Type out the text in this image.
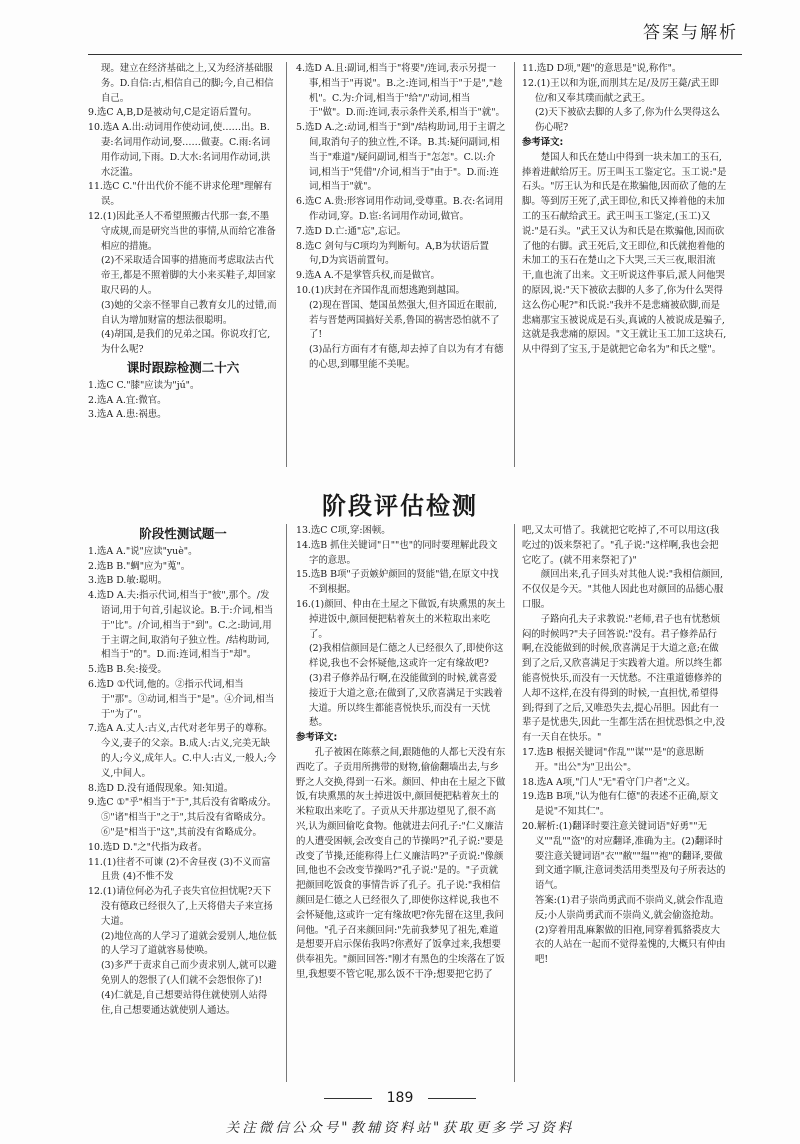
答案与解析

现。建立在经济基础之上,又为经济基础服务。D.自信:古,相信自己的脚;今,自己相信自己。

9.选C A,B,D是被动句,C是定语后置句。

10.选A A.出:动词用作使动词,使……出。B.妻:名词用作动词,娶……做妻。C.雨:名词用作动词,下雨。D.大水:名词用作动词,洪水泛滥。

11.选C C."什出代价不能不讲求伦理"理解有误。

12.(1)因此圣人不希望照搬古代那一套,不墨守成规,而是研究当世的事情,从而给它准备相应的措施。

(2)不采取适合国事的措施而考虑取法古代帝王,都是不照着脚的大小来买鞋子,却回家取尺码的人。

(3)她的父亲不怪罪自己教育女儿的过错,而自认为增加财富的想法很聪明。

(4)胡国,是我们的兄弟之国。你说攻打它,为什么呢?

课时跟踪检测二十六

1.选C C."膝"应读为"jú"。

2.选A A.宜:微官。

3.选A A.患:祸患。

4.选D A.且:副词,相当于"将要"/连词,表示另提一事,相当于"再说"。B.之:连词,相当于"于是","趁机"。C.为:介词,相当于"给"/"动词,相当于"做"。D.而:连词,表示条件关系,相当于"就"。

5.选D A.之:动词,相当于"到"/结构助词,用于主谓之间,取消句子的独立性,不译。B.其:疑问副词,相当于"难道"/疑问副词,相当于"怎怎"。C.以:介词,相当于"凭借"/介词,相当于"由于"。D.而:连词,相当于"就"。

6.选C A.贵:形容词用作动词,受尊重。B.衣:名词用作动词,穿。D.宦:名词用作动词,做官。

7.选D D.亡:通"忘",忘记。

8.选C 剑句与C项均为判断句。A,B为状语后置句,D为宾语前置句。

9.选A A.不是掌管兵权,而是做官。

10.(1)庆封在齐国作乱而想逃跑到越国。

(2)现在晋国、楚国虽然强大,但齐国近在眼前,若与晋楚两国搞好关系,鲁国的祸害恐怕就不了了!

(3)品行方面有才有德,却去掉了自以为有才有德的心思,到哪里能不美呢。

11.选D D项,"题"的意思是"说,称作"。

12.(1)王以和为诳,而刖其左足/及厉王薨/武王即位/和又奉其璞而献之武王。

(2)天下被砍去脚的人多了,你为什么哭得这么伤心呢?

参考译文:

楚国人和氏在楚山中得到一块未加工的玉石,捧着进献给厉王。厉王叫玉工鉴定它。玉工说:"是石头。"厉王认为和氏是在欺骗他,因而砍了他的左脚。等到厉王死了,武王即位,和氏又捧着他的未加工的玉石献给武王。武王叫玉工鉴定,(玉工)又说:"是石头。"武王又认为和氏是在欺骗他,因而砍了他的右脚。武王死后,文王即位,和氏就抱着他的未加工的玉石在楚山之下大哭,三天三夜,眼泪流干,血也流了出来。文王听说这件事后,派人问他哭的原因,说:"天下被砍去脚的人多了,你为什么哭得这么伤心呢?"和氏说:"我并不是悲痛被砍脚,而是悲痛那宝玉被说成是石头,真诚的人被说成是骗子,这就是我悲痛的原因。"文王就让玉工加工这块石,从中得到了宝玉,于是就把它命名为"和氏之璧"。

阶段评估检测
阶段性测试题一

1.选A A."说"应读"yuè"。

2.选B B."蜩"应为"蒐"。

3.选B D.敏:聪明。

4.选D A.夫:指示代词,相当于"彼",那个。/发语词,用于句首,引起议论。B.于:介词,相当于"比"。/介词,相当于"到"。C.之:助词,用于主谓之间,取消句子独立性。/结构助词,相当于"的"。D.而:连词,相当于"却"。

5.选B B.矣:接受。

6.选D ①代词,他的。②指示代词,相当于"那"。③动词,相当于"是"。④介词,相当于"为了"。

7.选A A.丈人:古义,古代对老年男子的尊称。今义,妻子的父亲。B.成人:古义,完美无缺的人;今义,成年人。C.中人:古义,一般人;今义,中间人。

8.选D D.没有通假现象。知:知道。

9.选C ①"乎"相当于"于",其后没有省略成分。⑤"诸"相当于"之于",其后没有省略成分。⑥"是"相当于"这",其前没有省略成分。

10.选D D."之"代指为政者。

11.(1)往者不可谏 (2)不舍昼夜 (3)不义而富且贵 (4)不惟不发

12.(1)请位何必为孔子丧失官位担忧呢?天下没有德政已经很久了,上天将借夫子来宣扬大道。

(2)地位高的人学习了道就会爱别人,地位低的人学习了道就容易使唤。

(3)多严于责求自己而少责求别人,就可以避免别人的怨恨了(人们就不会怨恨你了)!

(4)仁就是,自己想要站得住就使别人站得住,自己想要通达就使别人通达。

13.选C C项,穿:困顿。

14.选B 抓住关键词"日""也"的同时要理解此段文字的意思。

15.选B B项"子贡嫉妒颜回的贤能"错,在原文中找不到根据。

16.(1)颜回、仲由在土屋之下做饭,有块熏黑的灰土掉进饭中,颜回便把粘着灰土的米粒取出来吃了。

(2)我相信颜回是仁德之人已经很久了,即使你这样说,我也不会怀疑他,这或许一定有缘故吧?

(3)君子修养品行啊,在没能做到的时候,就喜爱接近于大道之意;在做到了,又欣喜满足于实践着大道。所以终生都能喜悦快乐,而没有一天忧愁。

参考译文:

孔子被困在陈蔡之间,跟随他的人都七天没有东西吃了。子贡用所携带的财物,偷偷翻墙出去,与乡野之人交换,得到一石米。颜回、仲由在土屋之下做饭,有块熏黑的灰土掉进饭中,颜回便把粘着灰土的米粒取出来吃了。子贡从天井那边望见了,很不高兴,认为颜回偷吃食物。他就进去问孔子:"仁义廉洁的人遭受困顿,会改变自己的节操吗?"孔子说:"要是改变了节操,还能称得上仁义廉洁吗?"子贡说:"像颜回,他也不会改变节操吗?"孔子说:"是的。"子贡就把颜回吃饭食的事情告诉了孔子。孔子说:"我相信颜回是仁德之人已经很久了,即使你这样说,我也不会怀疑他,这或许一定有缘故吧?你先留在这里,我问问他。"孔子召来颜回问:"先前我梦见了祖先,难道是想要开启示保佑我吗?你煮好了饭拿过来,我想要供奉祖先。"颜回回答:"刚才有黑色的尘埃落在了饭里,我想要不管它呢,那么饭不干净;想要把它扔了

吧,又太可惜了。我就把它吃掉了,不可以用这(我吃过的)饭来祭祀了。"孔子说:"这样啊,我也会把它吃了。(就不用来祭祀了)"

颜回出来,孔子回头对其他人说:"我相信颜回,不仅仅是今天。"其他人因此也对颜回的品德心服口服。

子路向孔夫子求教说:"老师,君子也有忧愁烦闷的时候吗?"夫子回答说:"没有。君子修养品行啊,在没能做到的时候,欣喜满足于大道之意;在做到了之后,又欣喜满足于实践着大道。所以终生都能喜悦快乐,而没有一天忧愁。不注重道德修养的人却不这样,在没有得到的时候,一直担忧,希望得到;得到了之后,又唯恐失去,提心吊胆。因此有一辈子是忧患失,因此一生都生活在担忧恐惧之中,没有一天自在快乐。"

17.选B 根据关键词"作乱""谋""是"的意思断开。"出公"为"卫出公"。

18.选A A项,"门人"无"看守门户者"之义。

19.选B B项,"认为他有仁德"的表述不正确,原文是说"不知其仁"。

20.解析:(1)翻译时要注意关键词语"好勇""无义""乱""盗"的对应翻译,准确为主。(2)翻译时要注意关键词语"衣""敝""缊""袍"的翻译,要做到文通字顺,注意词类活用类型及句子所表达的语气。

答案:(1)君子崇尚勇武而不崇尚义,就会作乱造反;小人崇尚勇武而不崇尚义,就会偷盗抢劫。

(2)穿着用乱麻絮做的旧袍,同穿着狐貉裘皮大衣的人站在一起而不觉得羞愧的,大概只有仲由吧!

189
关注微信公众号"教辅资料站"获取更多学习资料
